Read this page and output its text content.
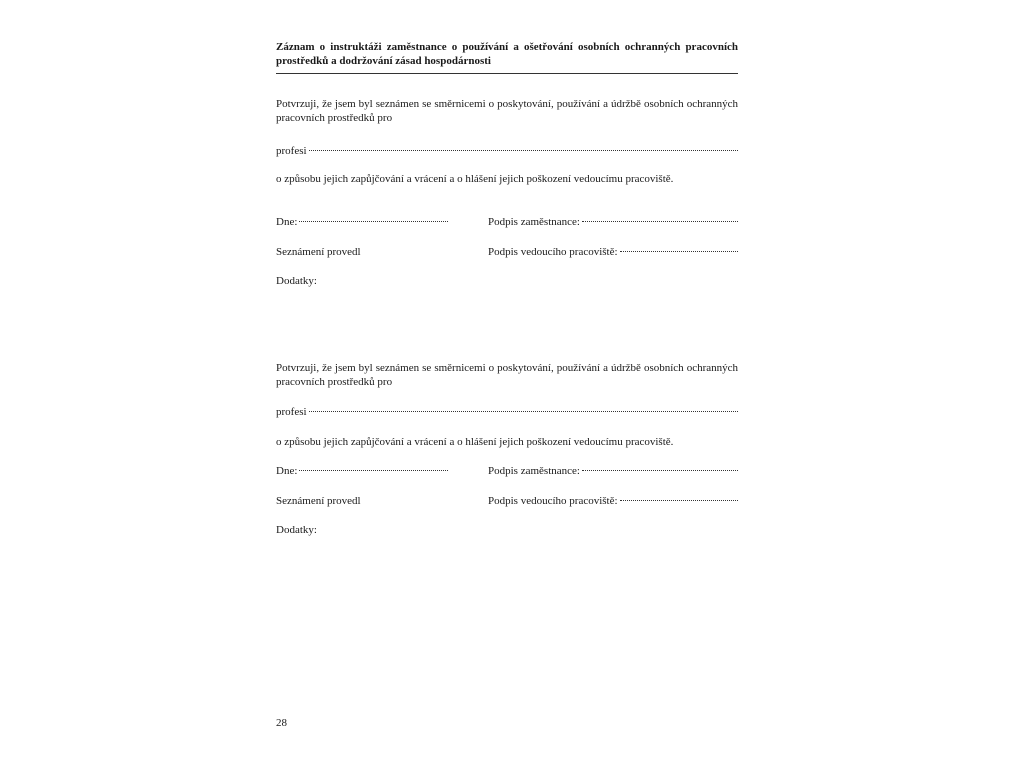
Záznam o instruktáži zaměstnance o používání a ošetřování osobních ochranných pracovních prostředků a dodržování zásad hospodárnosti
Potvrzuji, že jsem byl seznámen se směrnicemi o poskytování, používání a údržbě osobních ochranných pracovních prostředků pro
profesi
o způsobu jejich zapůjčování a vrácení a o hlášení jejich poškození vedoucímu pracoviště.
Dne:	Podpis zaměstnance:
Seznámení provedl	Podpis vedoucího pracoviště:
Dodatky:
Potvrzuji, že jsem byl seznámen se směrnicemi o poskytování, používání a údržbě osobních ochranných pracovních prostředků pro
profesi
o způsobu jejich zapůjčování a vrácení a o hlášení jejich poškození vedoucímu pracoviště.
Dne:	Podpis zaměstnance:
Seznámení provedl	Podpis vedoucího pracoviště:
Dodatky:
28
